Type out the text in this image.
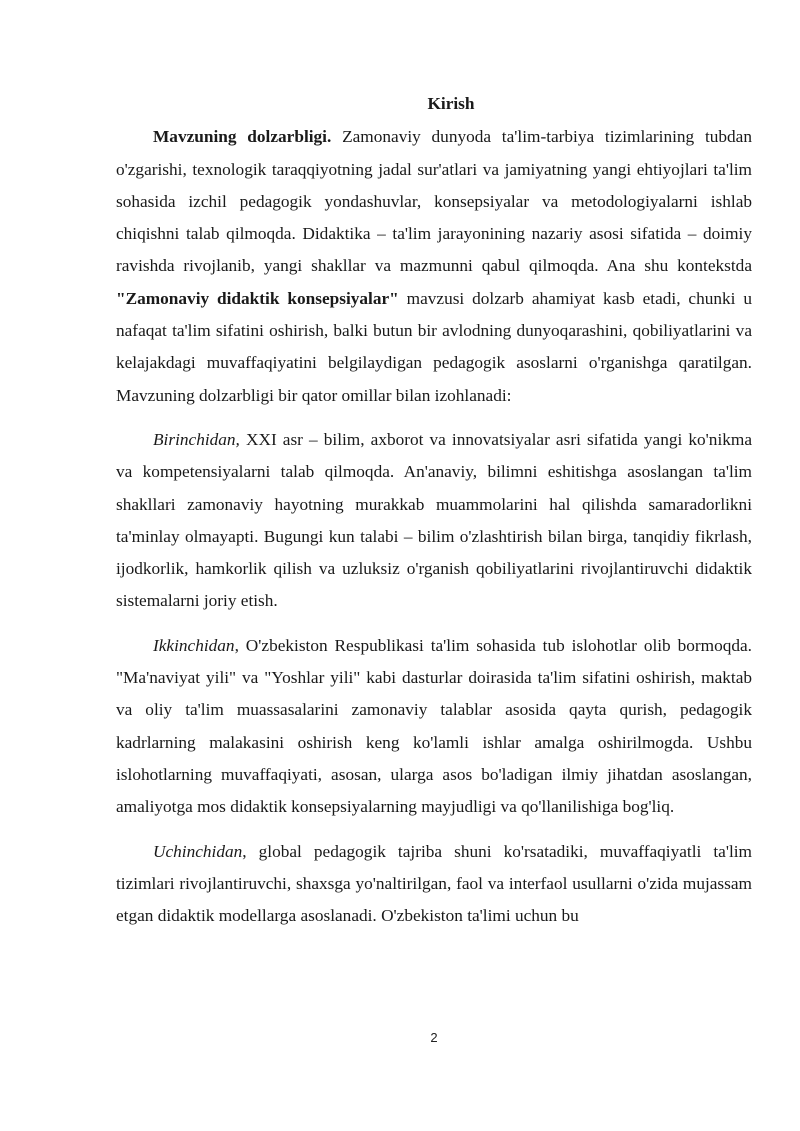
Kirish

Mavzuning dolzarbligi. Zamonaviy dunyoda ta'lim-tarbiya tizimlarining tubdan o'zgarishi, texnologik taraqqiyotning jadal sur'atlari va jamiyatning yangi ehtiyojlari ta'lim sohasida izchil pedagogik yondashuvlar, konsepsiyalar va metodologiyalarni ishlab chiqishni talab qilmoqda. Didaktika – ta'lim jarayonining nazariy asosi sifatida – doimiy ravishda rivojlanib, yangi shakllar va mazmunni qabul qilmoqda. Ana shu kontekstda "Zamonaviy didaktik konsepsiyalar" mavzusi dolzarb ahamiyat kasb etadi, chunki u nafaqat ta'lim sifatini oshirish, balki butun bir avlodning dunyoqarashini, qobiliyatlarini va kelajakdagi muvaffaqiyatini belgilaydigan pedagogik asoslarni o'rganishga qaratilgan. Mavzuning dolzarbligi bir qator omillar bilan izohlanadi:

Birinchidan, XXI asr – bilim, axborot va innovatsiyalar asri sifatida yangi ko'nikma va kompetensiyalarni talab qilmoqda. An'anaviy, bilimni eshitishga asoslangan ta'lim shakllari zamonaviy hayotning murakkab muammolarini hal qilishda samaradorlikni ta'minlay olmayapti. Bugungi kun talabi – bilim o'zlashtirish bilan birga, tanqidiy fikrlash, ijodkorlik, hamkorlik qilish va uzluksiz o'rganish qobiliyatlarini rivojlantiruvchi didaktik sistemalarni joriy etish.

Ikkinchidan, O'zbekiston Respublikasi ta'lim sohasida tub islohotlar olib bormoqda. "Ma'naviyat yili" va "Yoshlar yili" kabi dasturlar doirasida ta'lim sifatini oshirish, maktab va oliy ta'lim muassasalarini zamonaviy talablar asosida qayta qurish, pedagogik kadrlarning malakasini oshirish keng ko'lamli ishlar amalga oshirilmogda. Ushbu islohotlarning muvaffaqiyati, asosan, ularga asos bo'ladigan ilmiy jihatdan asoslangan, amaliyotga mos didaktik konsepsiyalarning mayjudligi va qo'llanilishiga bog'liq.

Uchinchidan, global pedagogik tajriba shuni ko'rsatadiki, muvaffaqiyatli ta'lim tizimlari rivojlantiruvchi, shaxsga yo'naltirilgan, faol va interfaol usullarni o'zida mujassam etgan didaktik modellarga asoslanadi. O'zbekiston ta'limi uchun bu

2
